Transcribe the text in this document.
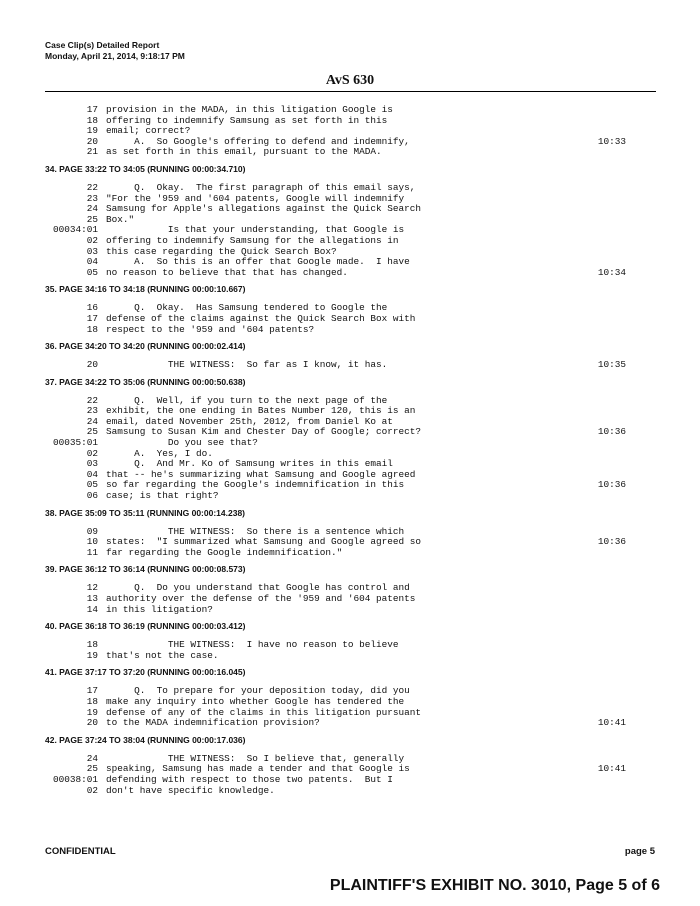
Case Clip(s) Detailed Report
Monday, April 21, 2014, 9:18:17 PM
AvS 630
17 provision in the MADA, in this litigation Google is
18 offering to indemnify Samsung as set forth in this
19 email; correct?
20 A.  So Google's offering to defend and indemnify,	10:33
21 as set forth in this email, pursuant to the MADA.
34. PAGE 33:22 TO 34:05 (RUNNING 00:00:34.710)
22 Q.  Okay.  The first paragraph of this email says,
23 "For the '959 and '604 patents, Google will indemnify
24 Samsung for Apple's allegations against the Quick Search
25 Box."
00034:01 Is that your understanding, that Google is
02 offering to indemnify Samsung for the allegations in
03 this case regarding the Quick Search Box?
04 A.  So this is an offer that Google made.  I have
05 no reason to believe that that has changed.	10:34
35. PAGE 34:16 TO 34:18 (RUNNING 00:00:10.667)
16 Q.  Okay.  Has Samsung tendered to Google the
17 defense of the claims against the Quick Search Box with
18 respect to the '959 and '604 patents?
36. PAGE 34:20 TO 34:20 (RUNNING 00:00:02.414)
20 THE WITNESS:  So far as I know, it has.	10:35
37. PAGE 34:22 TO 35:06 (RUNNING 00:00:50.638)
22 Q.  Well, if you turn to the next page of the
23 exhibit, the one ending in Bates Number 120, this is an
24 email, dated November 25th, 2012, from Daniel Ko at
25 Samsung to Susan Kim and Chester Day of Google; correct?	10:36
00035:01 Do you see that?
02 A.  Yes, I do.
03 Q.  And Mr. Ko of Samsung writes in this email
04 that -- he's summarizing what Samsung and Google agreed
05 so far regarding the Google's indemnification in this	10:36
06 case; is that right?
38. PAGE 35:09 TO 35:11 (RUNNING 00:00:14.238)
09 THE WITNESS:  So there is a sentence which
10 states:  "I summarized what Samsung and Google agreed so	10:36
11 far regarding the Google indemnification."
39. PAGE 36:12 TO 36:14 (RUNNING 00:00:08.573)
12 Q.  Do you understand that Google has control and
13 authority over the defense of the '959 and '604 patents
14 in this litigation?
40. PAGE 36:18 TO 36:19 (RUNNING 00:00:03.412)
18 THE WITNESS:  I have no reason to believe
19 that's not the case.
41. PAGE 37:17 TO 37:20 (RUNNING 00:00:16.045)
17 Q.  To prepare for your deposition today, did you
18 make any inquiry into whether Google has tendered the
19 defense of any of the claims in this litigation pursuant
20 to the MADA indemnification provision?	10:41
42. PAGE 37:24 TO 38:04 (RUNNING 00:00:17.036)
24 THE WITNESS:  So I believe that, generally
25 speaking, Samsung has made a tender and that Google is	10:41
00038:01 defending with respect to those two patents.  But I
02 don't have specific knowledge.
CONFIDENTIAL	page 5
PLAINTIFF'S EXHIBIT NO. 3010, Page 5 of 6
